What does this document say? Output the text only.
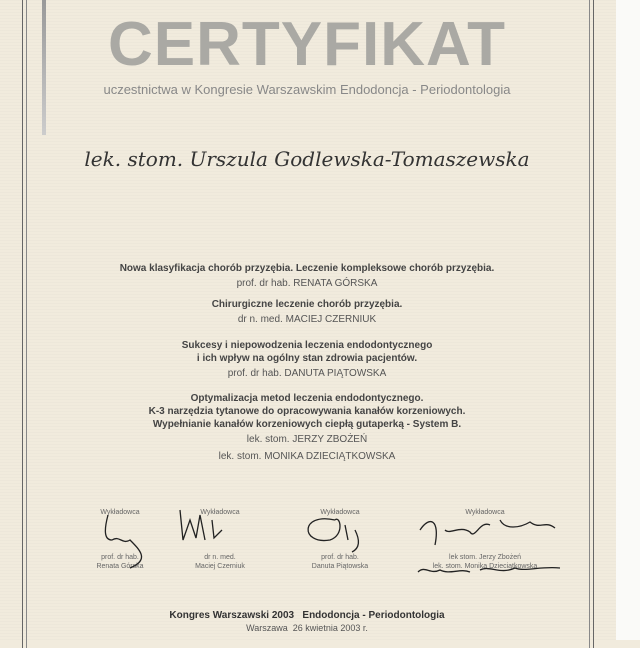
CERTYFIKAT
uczestnictwa w Kongresie Warszawskim Endodoncja - Periodontologia
lek. stom. Urszula Godlewska-Tomaszewska
Nowa klasyfikacja chorób przyzębia. Leczenie kompleksowe chorób przyzębia.
prof. dr hab. RENATA GÓRSKA
Chirurgiczne leczenie chorób przyzębia.
dr n. med. MACIEJ CZERNIUK
Sukcesy i niepowodzenia leczenia endodontycznego
i ich wpływ na ogólny stan zdrowia pacjentów.
prof. dr hab. DANUTA PIĄTOWSKA
Optymalizacja metod leczenia endodontycznego.
K-3 narzędzia tytanowe do opracowywania kanałów korzeniowych.
Wypełnianie kanałów korzeniowych ciepłą gutaperką - System B.
lek. stom. JERZY ZBOŻEŃ
lek. stom. MONIKA DZIECIĄTKOWSKA
Wykładowca
prof. dr hab.
Renata Górska
Wykładowca
dr n. med.
Maciej Czerniuk
Wykładowca
prof. dr hab.
Danuta Piątowska
Wykładowca
lek stom. Jerzy Zbożeń
lek. stom. Monika Dzieciątkowska
Kongres Warszawski 2003   Endodoncja - Periodontologia
Warszawa  26 kwietnia 2003 r.
